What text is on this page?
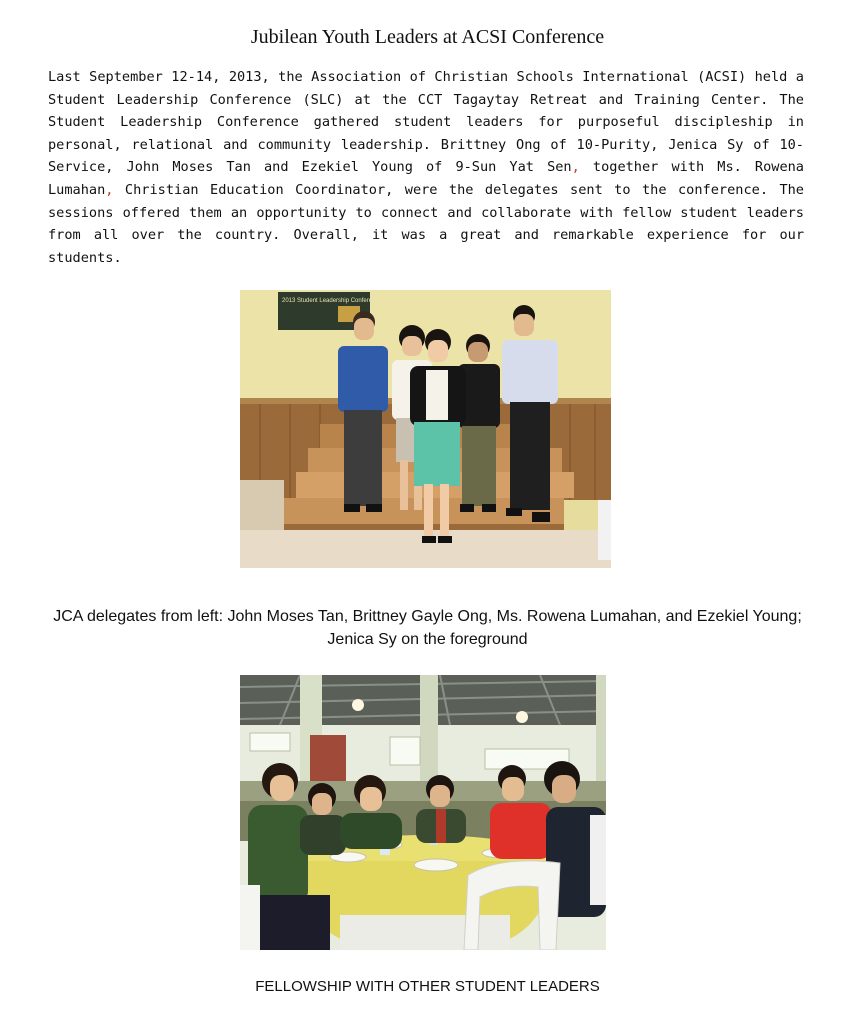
Jubilean Youth Leaders at ACSI Conference

Last September 12-14, 2013, the Association of Christian Schools International (ACSI) held a Student Leadership Conference (SLC) at the CCT Tagaytay Retreat and Training Center. The Student Leadership Conference gathered student leaders for purposeful discipleship in personal, relational and community leadership. Brittney Ong of 10-Purity, Jenica Sy of 10-Service, John Moses Tan and Ezekiel Young of 9-Sun Yat Sen, together with Ms. Rowena Lumahan, Christian Education Coordinator, were the delegates sent to the conference. The sessions offered them an opportunity to connect and collaborate with fellow student leaders from all over the country. Overall, it was a great and remarkable experience for our students.

2013 Student Leadership Conference
JCA delegates from left: John Moses Tan, Brittney Gayle Ong, Ms. Rowena Lumahan, and Ezekiel Young; Jenica Sy on the foreground
FELLOWSHIP WITH OTHER STUDENT LEADERS
